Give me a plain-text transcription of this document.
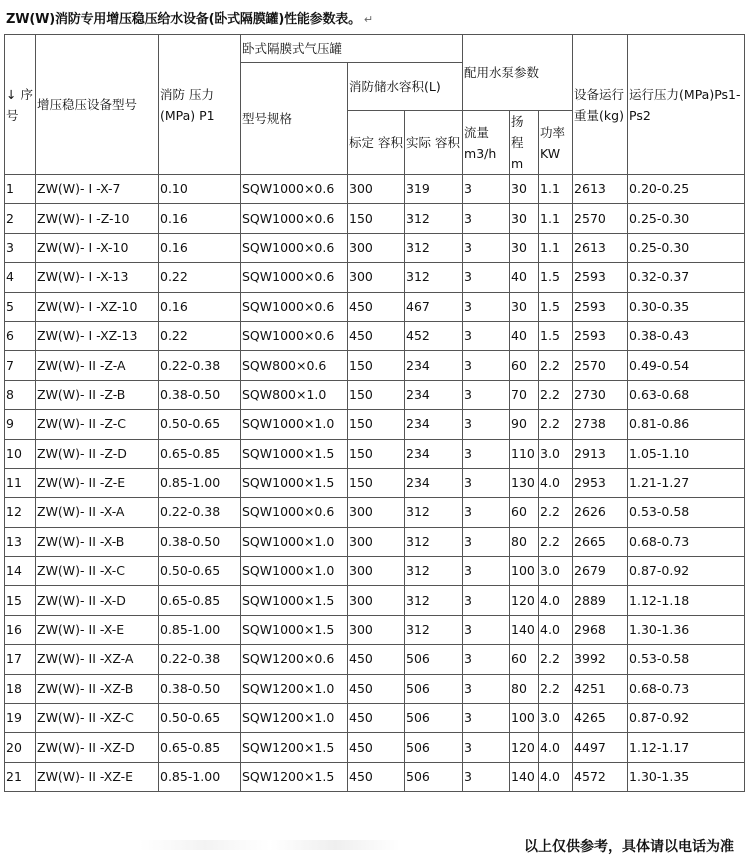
ZW(W)消防专用增压稳压给水设备(卧式隔膜罐)性能参数表。 ↵
↓ 序号	增压稳压设备型号	消防 压力(MPa) P1	卧式隔膜式气压罐			配用水泵参数			设备运行重量(kg)	运行压力(MPa)Ps1-Ps2
			型号规格	消防储水容积(L)						
				标定 容积	实际 容积	流量 m3/h	扬 程 m	功率 KW		
1	ZW(W)- Ⅰ -X-7	0.10	SQW1000×0.6	300	319	3	30	1.1	2613	0.20-0.25
2	ZW(W)- Ⅰ -Z-10	0.16	SQW1000×0.6	150	312	3	30	1.1	2570	0.25-0.30
3	ZW(W)- Ⅰ -X-10	0.16	SQW1000×0.6	300	312	3	30	1.1	2613	0.25-0.30
4	ZW(W)- Ⅰ -X-13	0.22	SQW1000×0.6	300	312	3	40	1.5	2593	0.32-0.37
5	ZW(W)- Ⅰ -XZ-10	0.16	SQW1000×0.6	450	467	3	30	1.5	2593	0.30-0.35
6	ZW(W)- Ⅰ -XZ-13	0.22	SQW1000×0.6	450	452	3	40	1.5	2593	0.38-0.43
7	ZW(W)- II -Z-A	0.22-0.38	SQW800×0.6	150	234	3	60	2.2	2570	0.49-0.54
8	ZW(W)- II -Z-B	0.38-0.50	SQW800×1.0	150	234	3	70	2.2	2730	0.63-0.68
9	ZW(W)- II -Z-C	0.50-0.65	SQW1000×1.0	150	234	3	90	2.2	2738	0.81-0.86
10	ZW(W)- II -Z-D	0.65-0.85	SQW1000×1.5	150	234	3	110	3.0	2913	1.05-1.10
11	ZW(W)- II -Z-E	0.85-1.00	SQW1000×1.5	150	234	3	130	4.0	2953	1.21-1.27
12	ZW(W)- II -X-A	0.22-0.38	SQW1000×0.6	300	312	3	60	2.2	2626	0.53-0.58
13	ZW(W)- II -X-B	0.38-0.50	SQW1000×1.0	300	312	3	80	2.2	2665	0.68-0.73
14	ZW(W)- II -X-C	0.50-0.65	SQW1000×1.0	300	312	3	100	3.0	2679	0.87-0.92
15	ZW(W)- II -X-D	0.65-0.85	SQW1000×1.5	300	312	3	120	4.0	2889	1.12-1.18
16	ZW(W)- II -X-E	0.85-1.00	SQW1000×1.5	300	312	3	140	4.0	2968	1.30-1.36
17	ZW(W)- II -XZ-A	0.22-0.38	SQW1200×0.6	450	506	3	60	2.2	3992	0.53-0.58
18	ZW(W)- II -XZ-B	0.38-0.50	SQW1200×1.0	450	506	3	80	2.2	4251	0.68-0.73
19	ZW(W)- II -XZ-C	0.50-0.65	SQW1200×1.0	450	506	3	100	3.0	4265	0.87-0.92
20	ZW(W)- II -XZ-D	0.65-0.85	SQW1200×1.5	450	506	3	120	4.0	4497	1.12-1.17
21	ZW(W)- II -XZ-E	0.85-1.00	SQW1200×1.5	450	506	3	140	4.0	4572	1.30-1.35
以上仅供参考，具体请以电话为准
